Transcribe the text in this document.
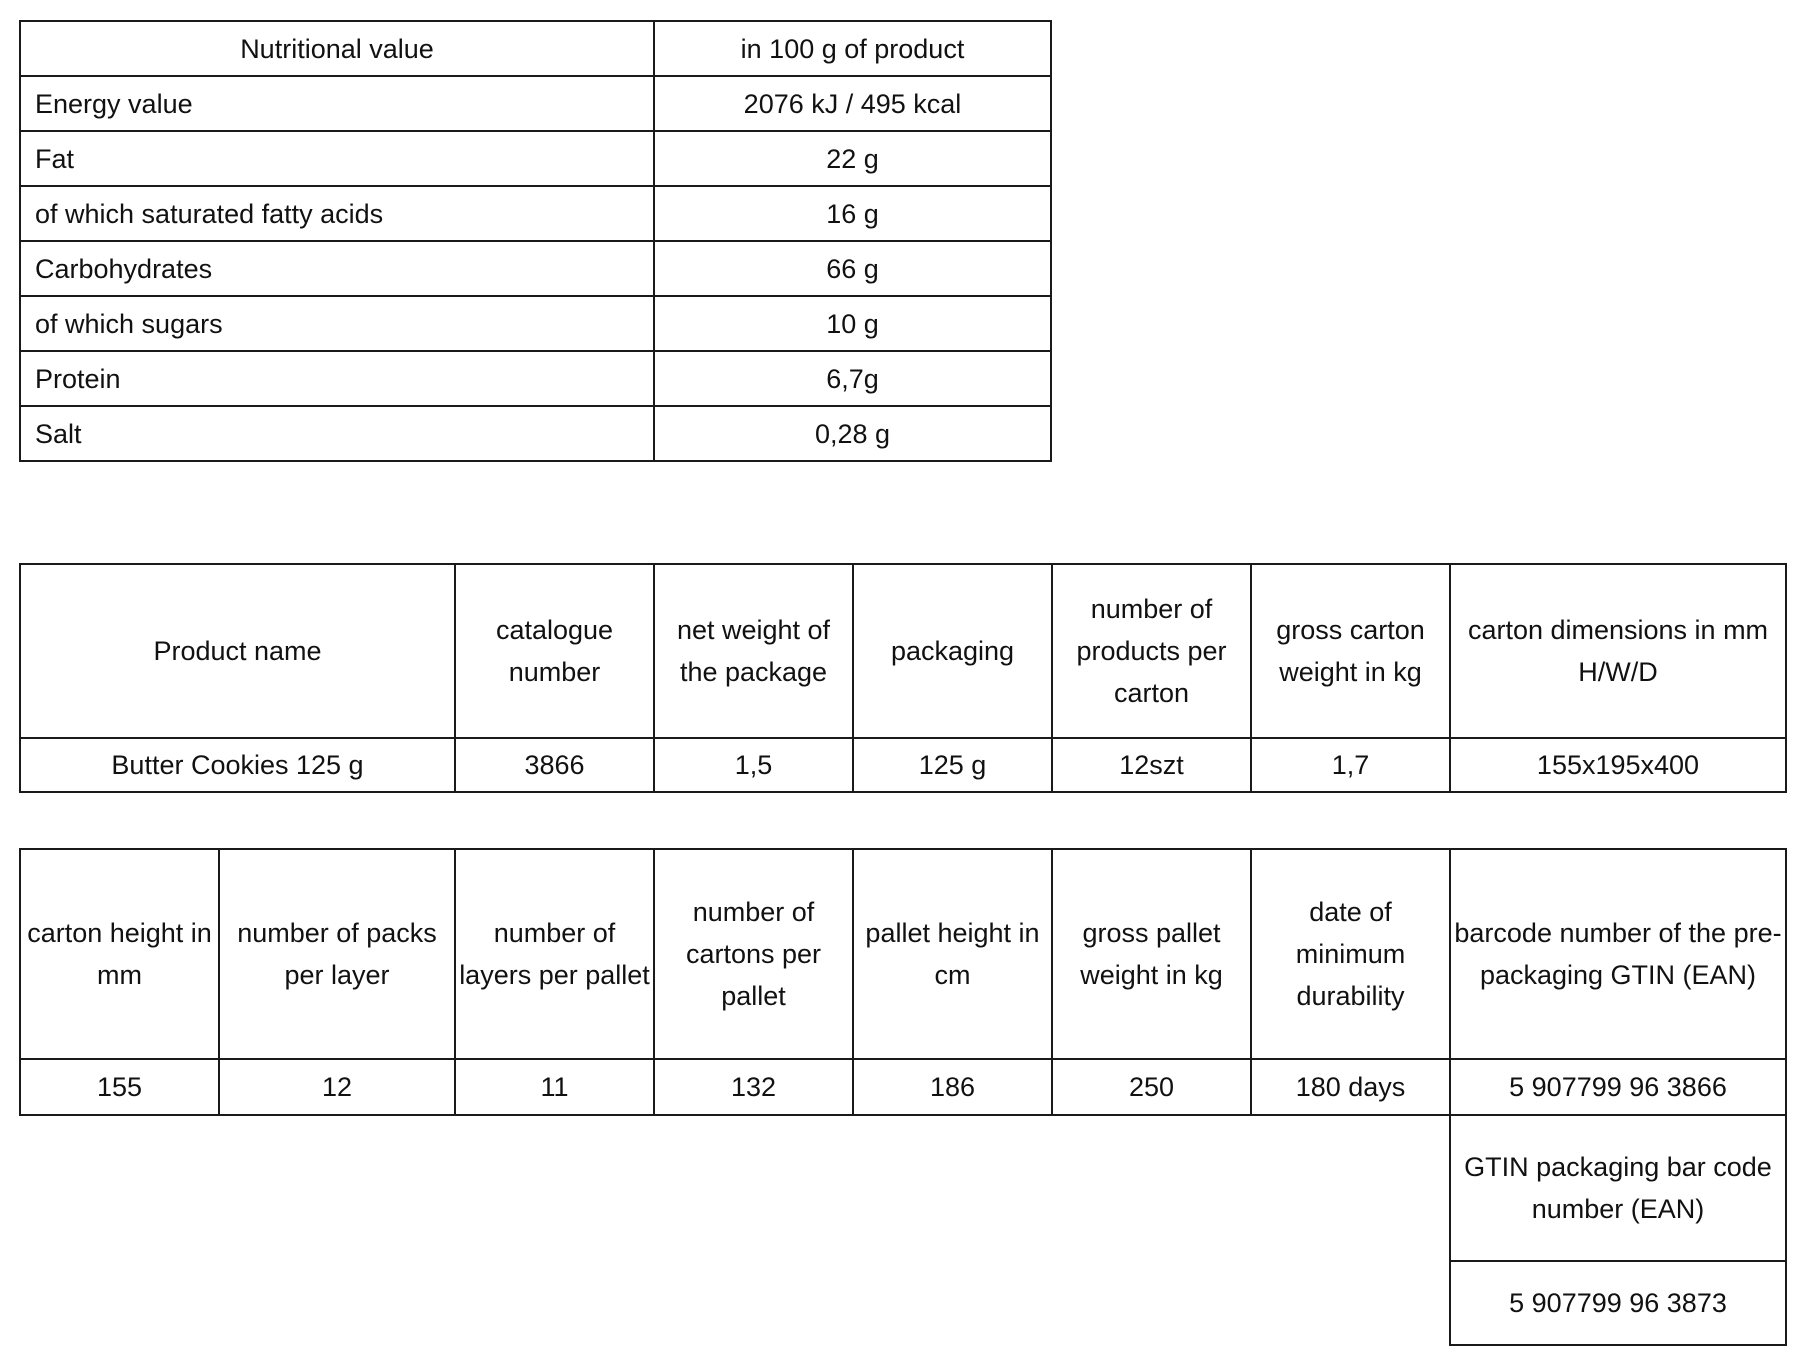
Nutritional value	in 100 g of product
Energy value	2076 kJ / 495 kcal
Fat	22 g
of which saturated fatty acids	16 g
Carbohydrates	66 g
of which sugars	10 g
Protein	6,7g
Salt	0,28 g
Product name	catalogue number	net weight of the package	packaging	number of products per carton	gross carton weight in kg	carton dimensions in mm H/W/D
Butter Cookies 125 g	3866	1,5	125 g	12szt	1,7	155x195x400
carton height in mm	number of packs per layer	number of layers per pallet	number of cartons per pallet	pallet height in cm	gross pallet weight in kg	date of minimum durability	barcode number of the pre-packaging GTIN (EAN)
155	12	11	132	186	250	180 days	5 907799 96 3866
							GTIN packaging bar code number (EAN)
							5 907799 96 3873
